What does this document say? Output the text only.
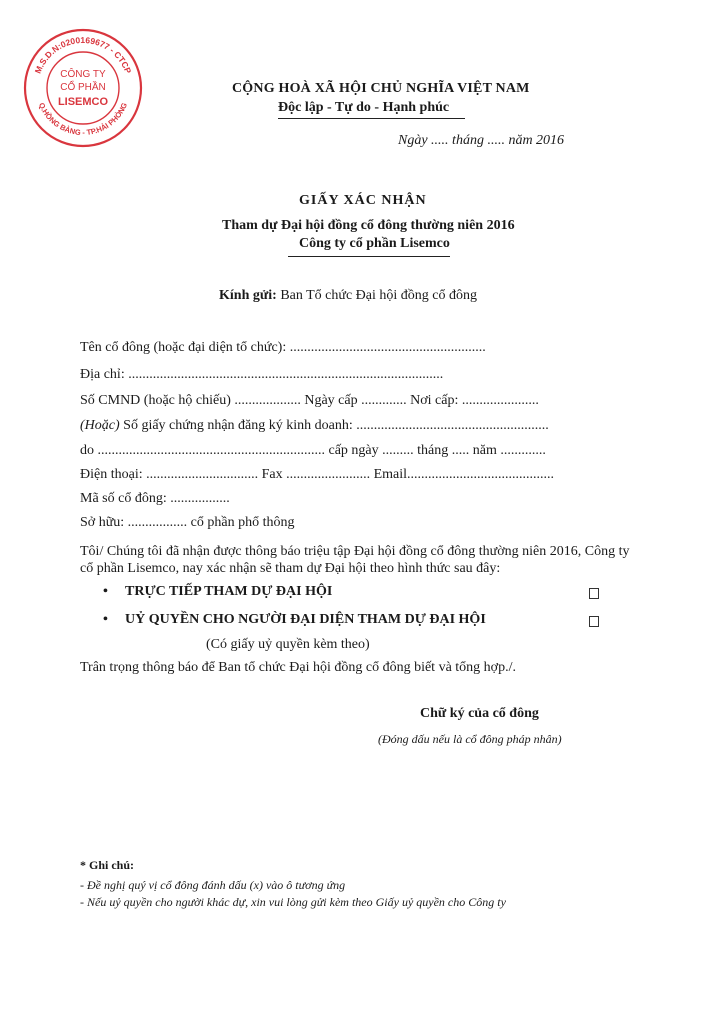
M.S.D.N:0200169677 - CTCP
Q.HỒNG BÀNG - TP.HẢI PHÒNG
CÔNG TY
CỔ PHẦN
LISEMCO
CỘNG HOÀ XÃ HỘI CHỦ NGHĨA VIỆT NAM
Độc lập - Tự do - Hạnh phúc
Ngày ..... tháng ..... năm 2016
GIẤY XÁC NHẬN
Tham dự Đại hội đồng cổ đông thường niên 2016
Công ty cổ phần Lisemco
Kính gửi: Ban Tổ chức Đại hội đồng cổ đông
Tên cổ đông (hoặc đại diện tổ chức): ........................................................
Địa chỉ: ..........................................................................................
Số CMND (hoặc hộ chiếu) ................... Ngày cấp ............. Nơi cấp: ......................
(Hoặc) Số giấy chứng nhận đăng ký kinh doanh: .......................................................
do ................................................................. cấp ngày ......... tháng ..... năm .............
Điện thoại: ................................ Fax ........................ Email..........................................
Mã số cổ đông: .................
Sở hữu: ................. cổ phần phổ thông
Tôi/ Chúng tôi đã nhận được thông báo triệu tập Đại hội đồng cổ đông thường niên 2016, Công ty cổ phần Lisemco, nay xác nhận sẽ tham dự Đại hội theo hình thức sau đây:
• TRỰC TIẾP THAM DỰ ĐẠI HỘI
• UỶ QUYỀN CHO NGƯỜI ĐẠI DIỆN THAM DỰ ĐẠI HỘI
(Có giấy uỷ quyền kèm theo)
Trân trọng thông báo để Ban tổ chức Đại hội đồng cổ đông biết và tổng hợp./.
Chữ ký của cổ đông
(Đóng dấu nếu là cổ đông pháp nhân)
* Ghi chú:
- Đề nghị quý vị cổ đông đánh dấu (x) vào ô tương ứng
- Nếu uỷ quyền cho người khác dự, xin vui lòng gửi kèm theo Giấy uỷ quyền cho Công ty
